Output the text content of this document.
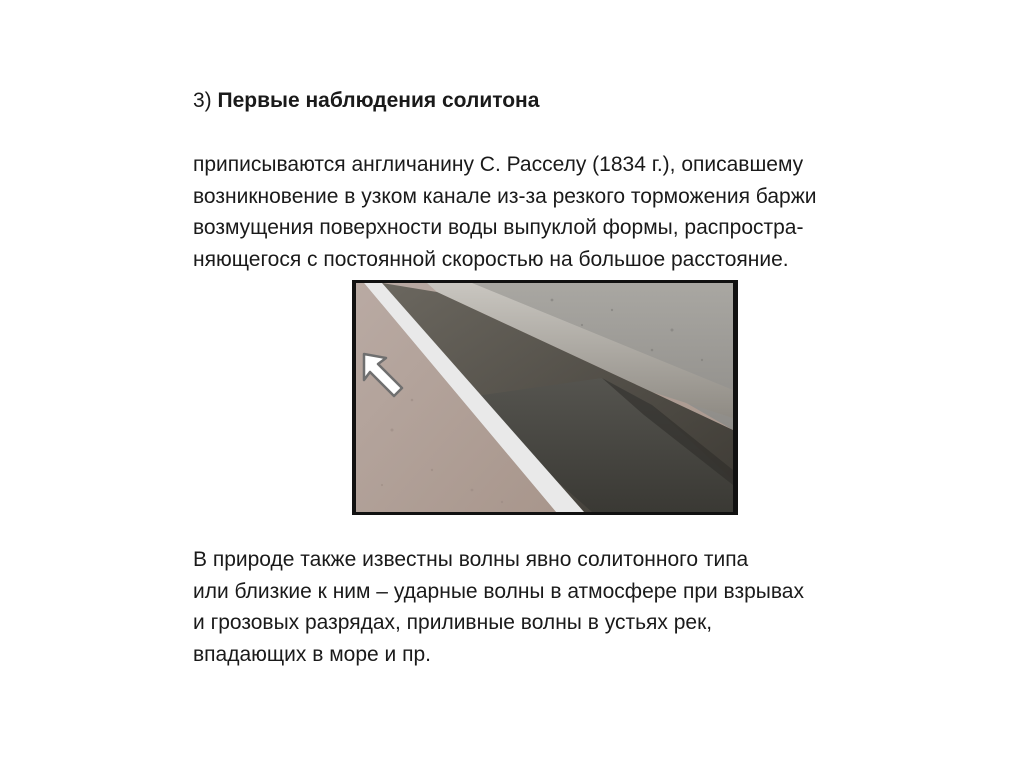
3) Первые наблюдения солитона
приписываются англичанину С. Расселу (1834 г.), описавшему
возникновение в узком канале из-за резкого торможения баржи
возмущения поверхности воды выпуклой формы, распростра-
няющегося с постоянной скоростью на большое расстояние.
В природе также известны волны явно солитонного типа
или близкие к ним – ударные волны в атмосфере при взрывах
и грозовых разрядах, приливные волны в устьях рек,
впадающих в море и пр.
